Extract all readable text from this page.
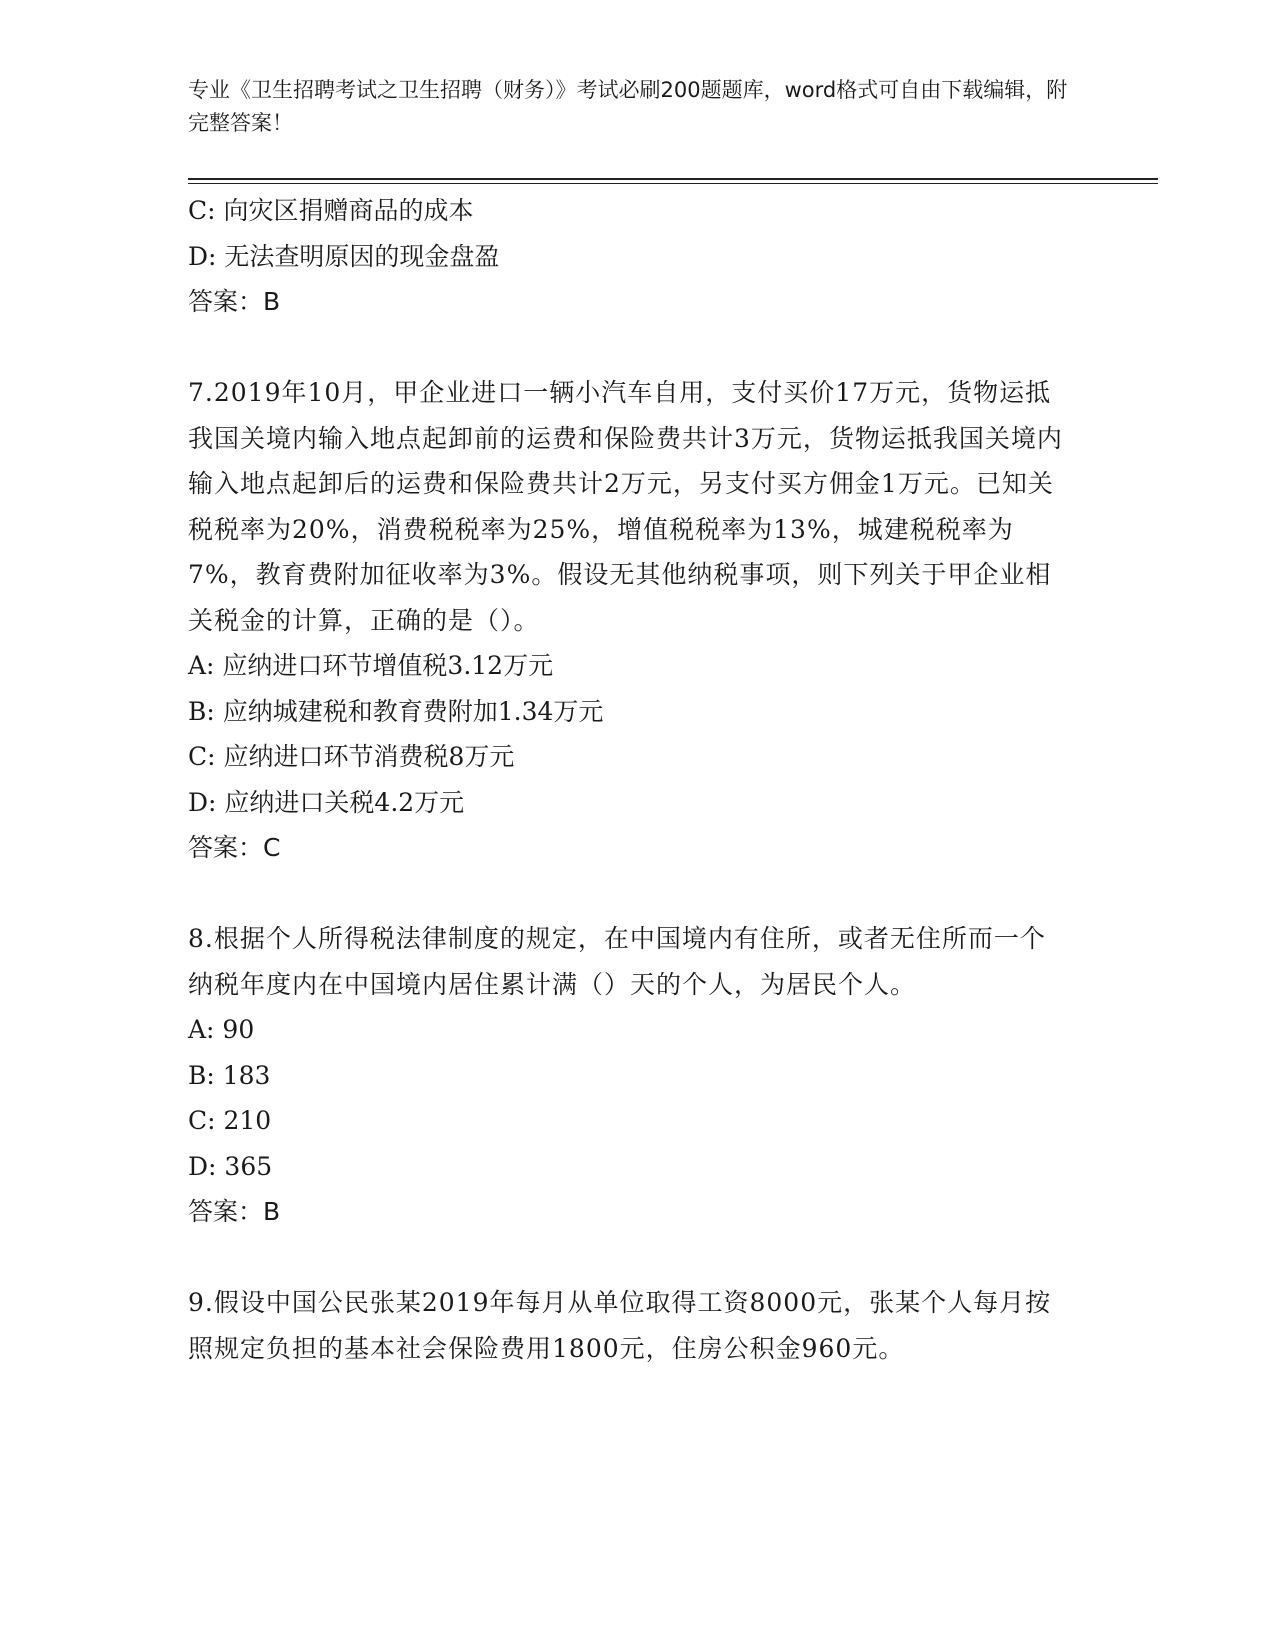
专业《卫生招聘考试之卫生招聘（财务）》考试必刷200题题库，word格式可自由下载编辑，附完整答案！
C: 向灾区捐赠商品的成本
D: 无法查明原因的现金盘盈
答案：B
7.2019年10月，甲企业进口一辆小汽车自用，支付买价17万元，货物运抵我国关境内输入地点起卸前的运费和保险费共计3万元，货物运抵我国关境内输入地点起卸后的运费和保险费共计2万元，另支付买方佣金1万元。已知关税税率为20%，消费税税率为25%，增值税税率为13%，城建税税率为7%，教育费附加征收率为3%。假设无其他纳税事项，则下列关于甲企业相关税金的计算，正确的是（）。
A: 应纳进口环节增值税3.12万元
B: 应纳城建税和教育费附加1.34万元
C: 应纳进口环节消费税8万元
D: 应纳进口关税4.2万元
答案：C
8.根据个人所得税法律制度的规定，在中国境内有住所，或者无住所而一个纳税年度内在中国境内居住累计满（）天的个人，为居民个人。
A: 90
B: 183
C: 210
D: 365
答案：B
9.假设中国公民张某2019年每月从单位取得工资8000元，张某个人每月按照规定负担的基本社会保险费用1800元，住房公积金960元。
